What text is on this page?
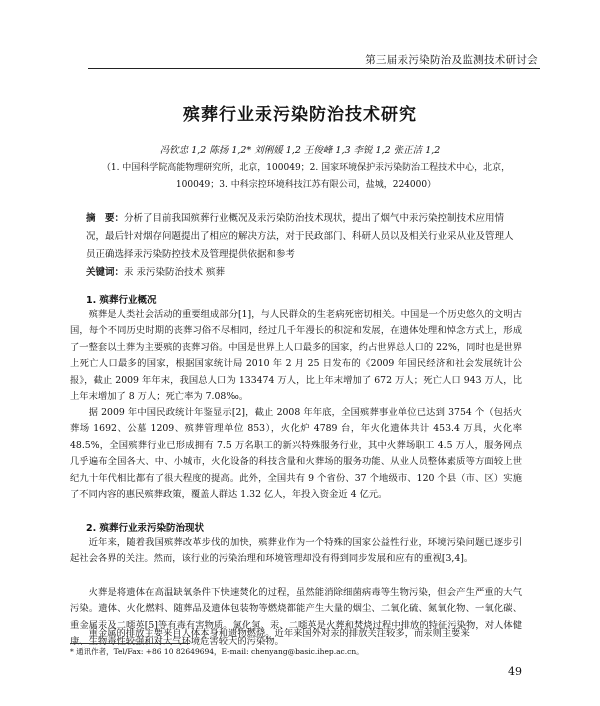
第三届汞污染防治及监测技术研讨会
殡葬行业汞污染防治技术研究
冯钦忠 1,2 陈扬 1,2* 刘俐媛 1,2 王俊峰 1,3 李锐 1,2 张正洁 1,2
（1. 中国科学院高能物理研究所，北京，100049；2. 国家环境保护汞污染防治工程技术中心，北京，100049；3. 中科宗控环境科技江苏有限公司，盐城，224000）
摘　要：分析了目前我国殡葬行业概况及汞污染防治技术现状，提出了烟气中汞污染控制技术应用情况，最后针对烟存问题提出了相应的解决方法，对于民政部门、科研人员以及相关行业采从业及管理人员正确选择汞污染防控技术及管理提供依据和参考
关键词：汞 汞污染防治技术 殡葬
1. 殡葬行业概况
殡葬是人类社会活动的重要组成部分[1]，与人民群众的生老病死密切相关。中国是一个历史悠久的文明古国，每个不同历史时期的丧葬习俗不尽相同，经过几千年漫长的积淀和发展，在遗体处理和悼念方式上，形成了一整套以土葬为主要殡的丧葬习俗。中国是世界上人口最多的国家，约占世界总人口的 22%，同时也是世界上死亡人口最多的国家，根据国家统计局 2010 年 2 月 25 日发布的《2009 年国民经济和社会发展统计公报》，截止 2009 年年末，我国总人口为 133474 万人，比上年末增加了 672 万人；死亡人口 943 万人，比上年末增加了 8 万人；死亡率为 7.08‰。
据 2009 年中国民政统计年鉴显示[2]，截止 2008 年年底，全国殡葬事业单位已达到 3754 个（包括火葬场 1692、公墓 1209、殡葬管理单位 853），火化炉 4789 台，年火化遗体共计 453.4 万具，火化率 48.5%，全国殡葬行业已形成拥有 7.5 万名职工的新兴特殊服务行业，其中火葬场职工 4.5 万人，服务网点几乎遍布全国各大、中、小城市，火化设备的科技含量和火葬场的服务功能、从业人员整体素质等方面较上世纪九十年代相比都有了很大程度的提高。此外，全国共有 9 个省份、37 个地级市、120 个县（市、区）实施了不同内容的惠民殡葬政策，覆盖人群达 1.32 亿人，年投入资金近 4 亿元。
2. 殡葬行业汞污染防治现状
近年来，随着我国殡葬改革步伐的加快，殡葬业作为一个特殊的国家公益性行业，环境污染问题已逐步引起社会各界的关注。然而，该行业的污染治理和环境管理却没有得到同步发展和应有的重视[3,4]。
火葬是将遗体在高温缺氧条件下快速焚化的过程，虽然能消除细菌病毒等生物污染，但会产生严重的大气污染。遗体、火化燃料、随葬品及遗体包装物等燃烧都能产生大量的烟尘、二氧化硫、氮氧化物、一氧化碳、重金属汞及二噁英[5]等有毒有害物质。氯化氢、汞、二噁英是火葬和焚烧过程中排放的特征污染物，对人体健康、生物毒性较强和对大气环境危害较大的污染物。
重金属的排放主要来自人体本身和遗物燃烧。近年来国外对汞的排放关注较多，而汞则主要来
* 通讯作者，Tel/Fax: +86 10 82649694，E-mail: chenyang@basic.ihep.ac.cn。
49
